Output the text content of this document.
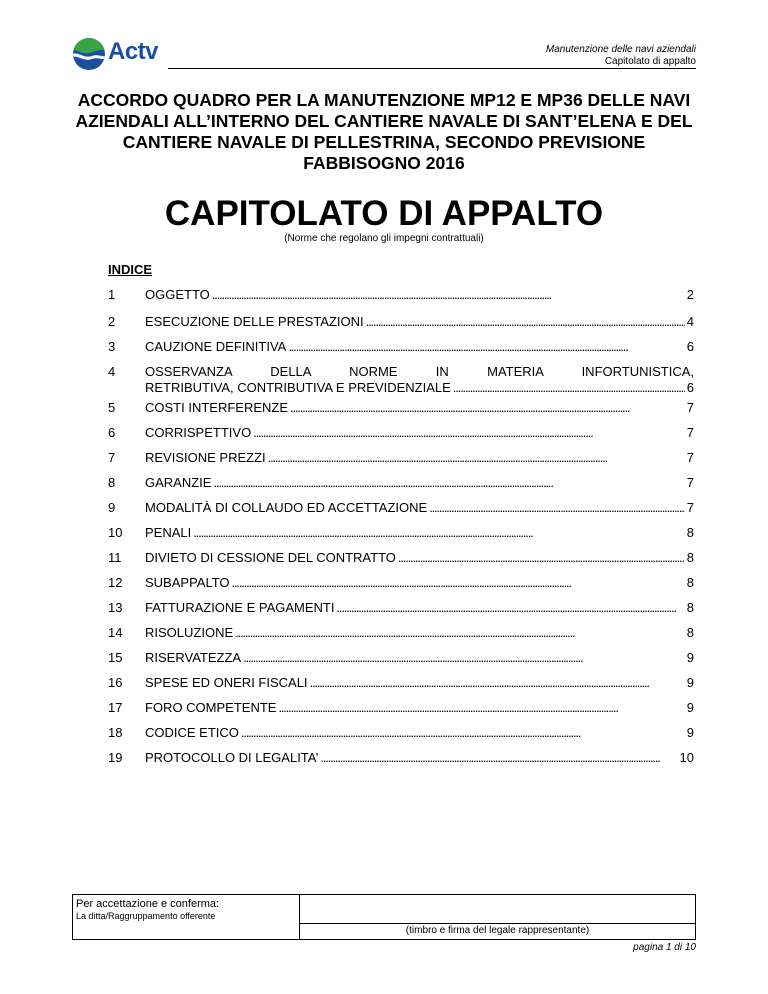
Actv	Manutenzione delle navi aziendali
Capitolato di appalto
ACCORDO QUADRO PER LA MANUTENZIONE MP12 E MP36 DELLE NAVI AZIENDALI ALL’INTERNO DEL CANTIERE NAVALE DI SANT’ELENA E DEL CANTIERE NAVALE DI PELLESTRINA, SECONDO PREVISIONE FABBISOGNO 2016
CAPITOLATO DI APPALTO
(Norme che regolano gli impegni contrattuali)
INDICE
1 OGGETTO . . .	2
2 ESECUZIONE DELLE PRESTAZIONI . . .	4
3 CAUZIONE DEFINITIVA . . .	6
4 OSSERVANZA DELLA NORME IN MATERIA INFORTUNISTICA,
RETRIBUTIVA, CONTRIBUTIVA E PREVIDENZIALE . . .	6
5 COSTI INTERFERENZE . . .	7
6 CORRISPETTIVO . . .	7
7 REVISIONE PREZZI . . .	7
8 GARANZIE . . .	7
9 MODALITÀ DI COLLAUDO ED ACCETTAZIONE . . .	7
10 PENALI . . .	8
11 DIVIETO DI CESSIONE DEL CONTRATTO . . .	8
12 SUBAPPALTO . . .	8
13 FATTURAZIONE E PAGAMENTI . . .	8
14 RISOLUZIONE . . .	8
15 RISERVATEZZA . . .	9
16 SPESE ED ONERI FISCALI . . .	9
17 FORO COMPETENTE . . .	9
18 CODICE ETICO . . .	9
19 PROTOCOLLO DI LEGALITA’ . . .	10
Per accettazione e conferma:
La ditta/Raggruppamento offerente
(timbro e firma del legale rappresentante)
pagina 1 di 10
